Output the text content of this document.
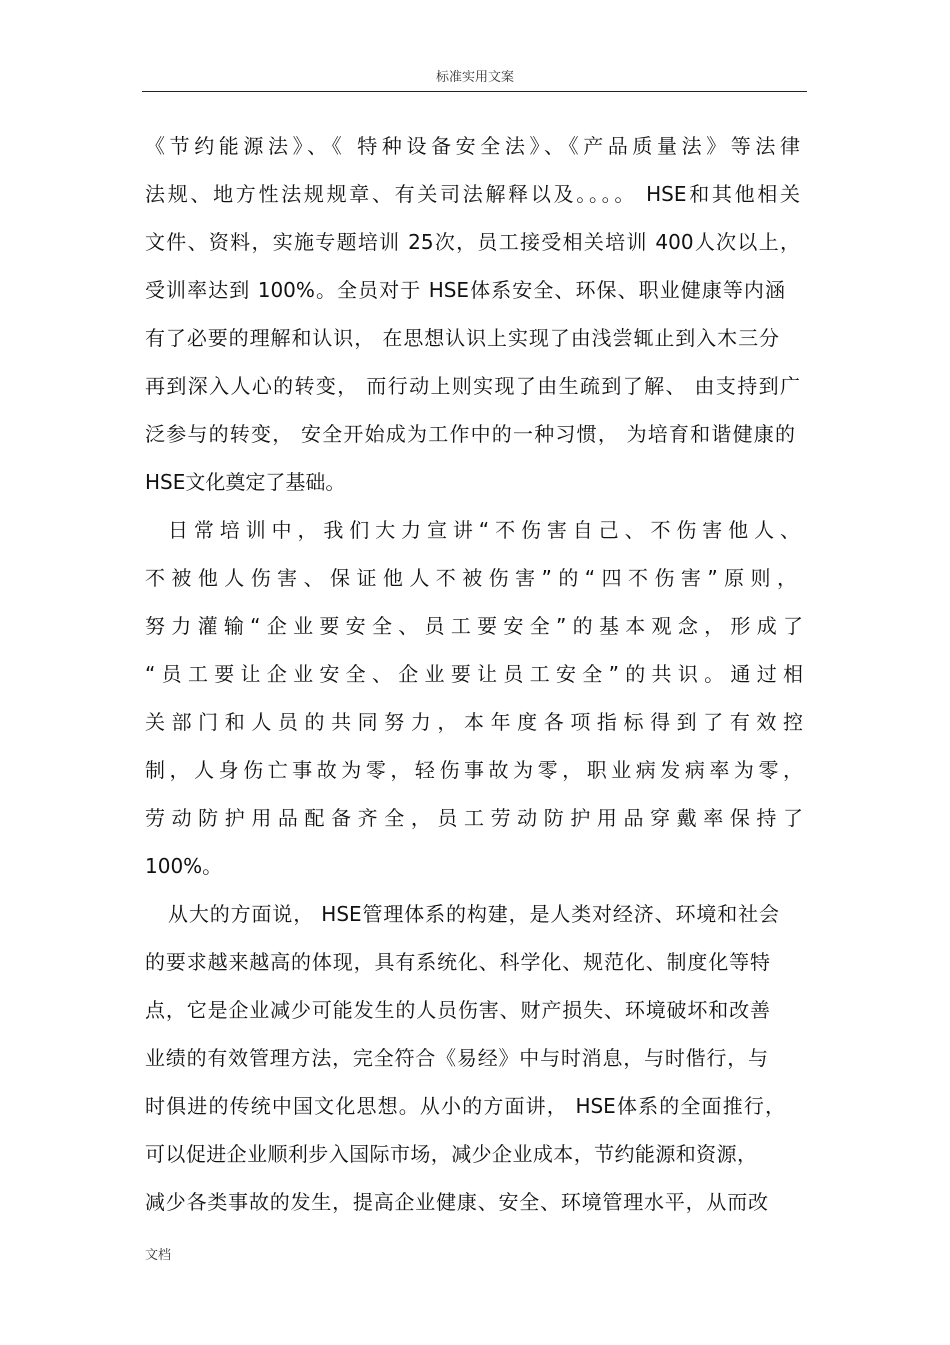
标准实用文案
《节约能源法》、《 特种设备安全法》、《产品质量法》等法律
法规、地方性法规规章、有关司法解释以及。。。。 HSE和其他相关
文件、资料，实施专题培训 25次，员工接受相关培训 400人次以上，
受训率达到 100%。全员对于 HSE体系安全、环保、职业健康等内涵
有了必要的理解和认识， 在思想认识上实现了由浅尝辄止到入木三分
再到深入人心的转变， 而行动上则实现了由生疏到了解、 由支持到广
泛参与的转变， 安全开始成为工作中的一种习惯， 为培育和谐健康的
HSE文化奠定了基础。
日常培训中，我们大力宣讲“不伤害自己、不伤害他人、
不被他人伤害、保证他人不被伤害”的“四不伤害”原则，
努力灌输“企业要安全、员工要安全”的基本观念，形成了
“员工要让企业安全、企业要让员工安全”的共识。通过相
关部门和人员的共同努力，本年度各项指标得到了有效控
制，人身伤亡事故为零，轻伤事故为零，职业病发病率为零，
劳动防护用品配备齐全，员工劳动防护用品穿戴率保持了
100%。
从大的方面说， HSE管理体系的构建，是人类对经济、环境和社会
的要求越来越高的体现，具有系统化、科学化、规范化、制度化等特
点，它是企业减少可能发生的人员伤害、财产损失、环境破坏和改善
业绩的有效管理方法，完全符合《易经》中与时消息，与时偕行，与
时俱进的传统中国文化思想。从小的方面讲， HSE体系的全面推行，
可以促进企业顺利步入国际市场，减少企业成本，节约能源和资源，
减少各类事故的发生，提高企业健康、安全、环境管理水平，从而改
文档
